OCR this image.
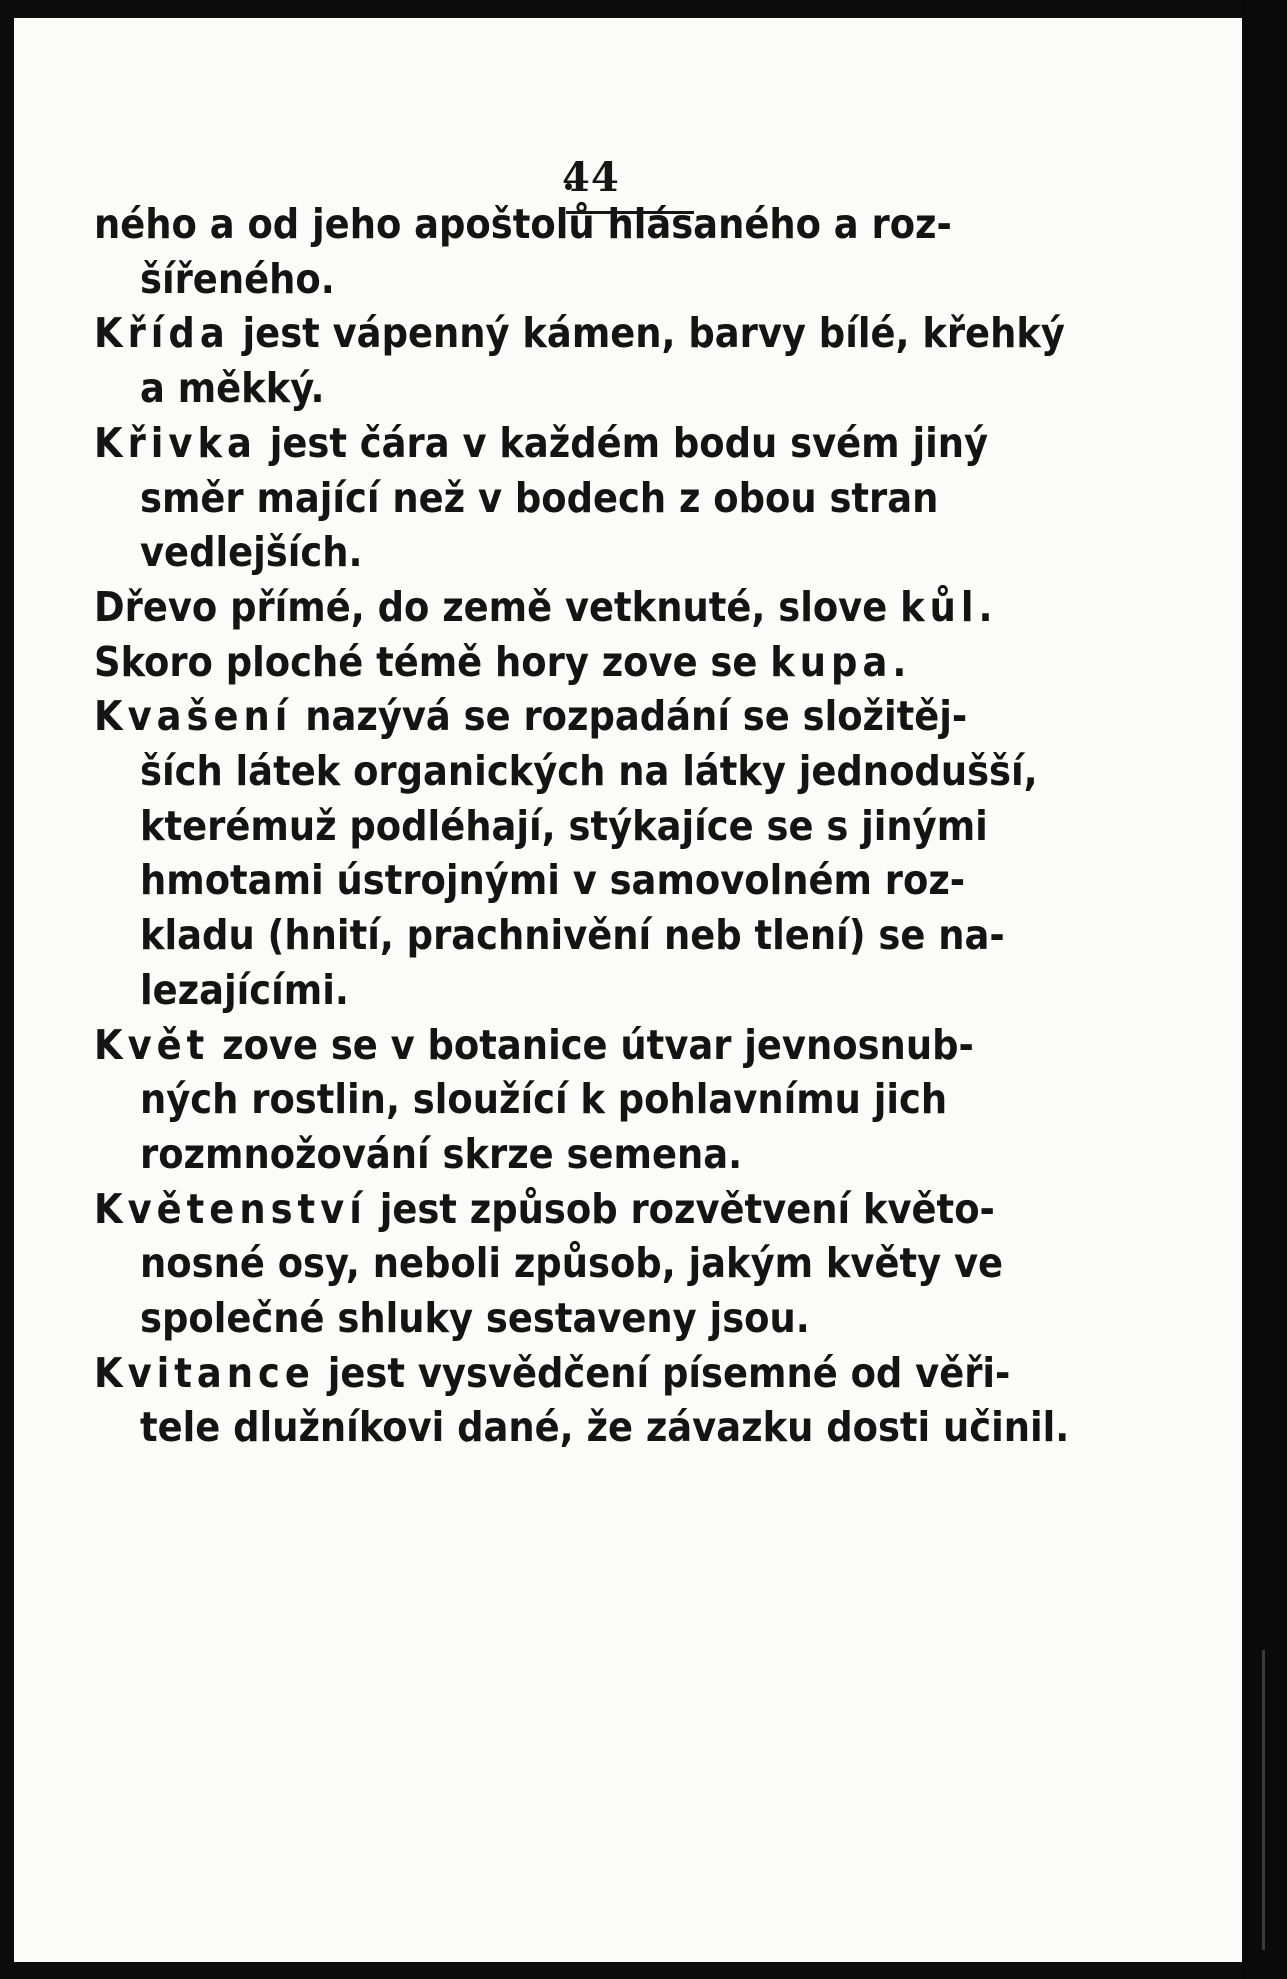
44
ného a od jeho apoštolů hlásaného a roz-
šířeného.
Křída jest vápenný kámen, barvy bílé, křehký
a měkký.
Křivka jest čára v každém bodu svém jiný
směr mající než v bodech z obou stran
vedlejších.
Dřevo přímé, do země vetknuté, slove kůl.
Skoro ploché témě hory zove se kupa.
Kvašení nazývá se rozpadání se složitěj-
ších látek organických na látky jednodušší,
kterémuž podléhají, stýkajíce se s jinými
hmotami ústrojnými v samovolném roz-
kladu (hnití, prachnivění neb tlení) se na-
lezajícími.
Květ zove se v botanice útvar jevnosnub-
ných rostlin, sloužící k pohlavnímu jich
rozmnožování skrze semena.
Květenství jest způsob rozvětvení květo-
nosné osy, neboli způsob, jakým květy ve
společné shluky sestaveny jsou.
Kvitance jest vysvědčení písemné od věři-
tele dlužníkovi dané, že závazku dosti učinil.
